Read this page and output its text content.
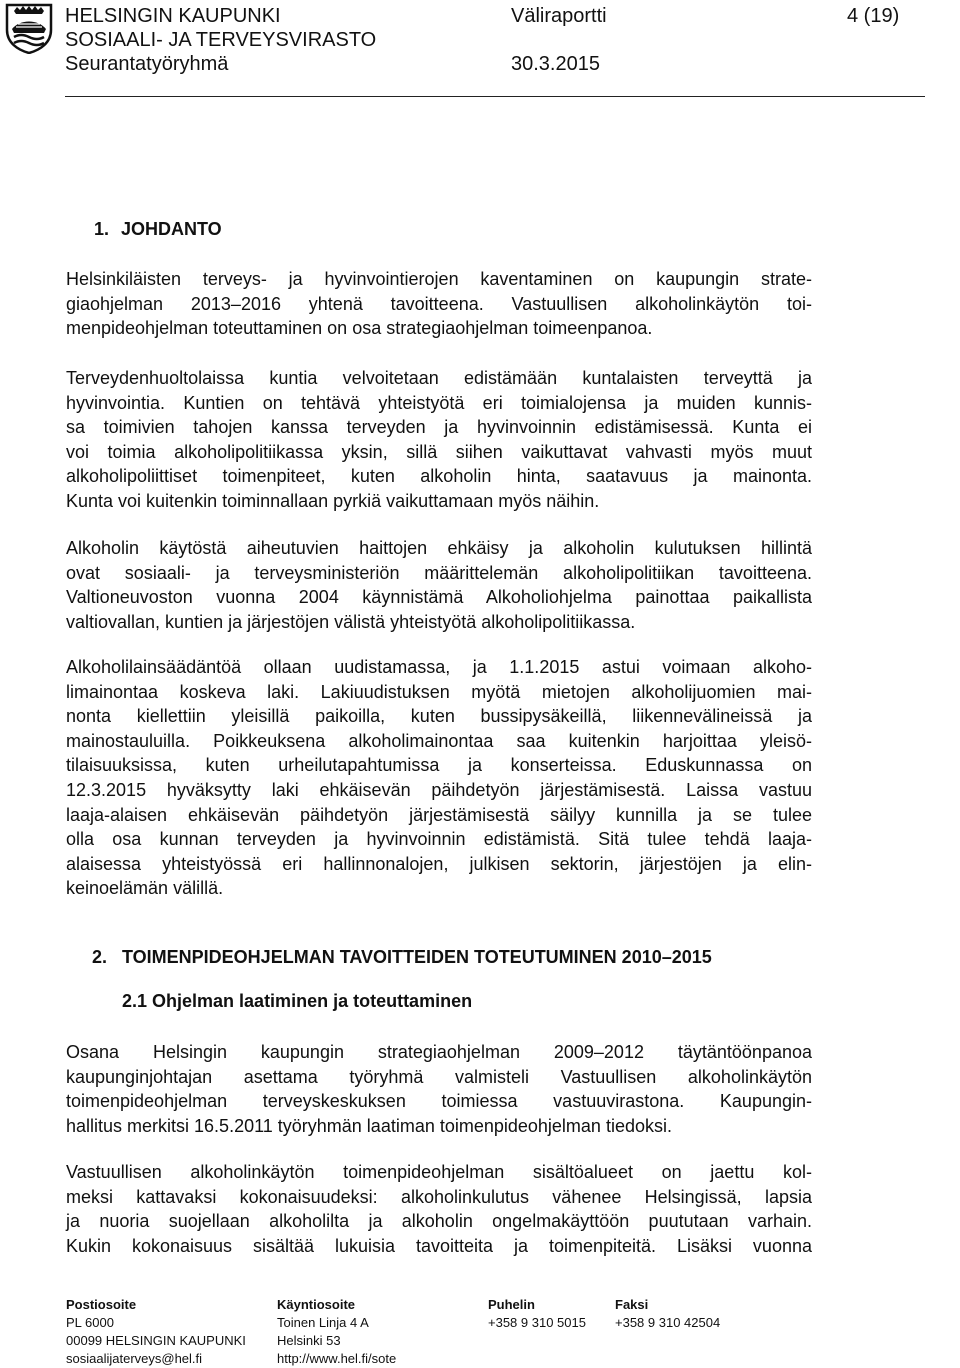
HELSINGIN KAUPUNKI
SOSIAALI- JA TERVEYSVIRASTO
Seurantatyöryhmä
Väliraportti
30.3.2015
4 (19)
1. JOHDANTO
Helsinkiläisten terveys- ja hyvinvointierojen kaventaminen on kaupungin strate-
giaohjelman 2013–2016 yhtenä tavoitteena. Vastuullisen alkoholinkäytön toi-
menpideohjelman toteuttaminen on osa strategiaohjelman toimeenpanoa.
Terveydenhuoltolaissa kuntia velvoitetaan edistämään kuntalaisten terveyttä ja
hyvinvointia. Kuntien on tehtävä yhteistyötä eri toimialojensa ja muiden kunnis-
sa toimivien tahojen kanssa terveyden ja hyvinvoinnin edistämisessä. Kunta ei
voi toimia alkoholipolitiikassa yksin, sillä siihen vaikuttavat vahvasti myös muut
alkoholipoliittiset toimenpiteet, kuten alkoholin hinta, saatavuus ja mainonta.
Kunta voi kuitenkin toiminnallaan pyrkiä vaikuttamaan myös näihin.
Alkoholin käytöstä aiheutuvien haittojen ehkäisy ja alkoholin kulutuksen hillintä
ovat sosiaali- ja terveysministeriön määrittelemän alkoholipolitiikan tavoitteena.
Valtioneuvoston vuonna 2004 käynnistämä Alkoholiohjelma painottaa paikallista
valtiovallan, kuntien ja järjestöjen välistä yhteistyötä alkoholipolitiikassa.
Alkoholilainsäädäntöä ollaan uudistamassa, ja 1.1.2015 astui voimaan alkoho-
limainontaa koskeva laki. Lakiuudistuksen myötä mietojen alkoholijuomien mai-
nonta kiellettiin yleisillä paikoilla, kuten bussipysäkeillä, liikennevälineissä ja
mainostauluilla. Poikkeuksena alkoholimainontaa saa kuitenkin harjoittaa yleisö-
tilaisuuksissa, kuten urheilutapahtumissa ja konserteissa. Eduskunnassa on
12.3.2015 hyväksytty laki ehkäisevän päihdetyön järjestämisestä. Laissa vastuu
laaja-alaisen ehkäisevän päihdetyön järjestämisestä säilyy kunnilla ja se tulee
olla osa kunnan terveyden ja hyvinvoinnin edistämistä. Sitä tulee tehdä laaja-
alaisessa yhteistyössä eri hallinnonalojen, julkisen sektorin, järjestöjen ja elin-
keinoelämän välillä.
2. TOIMENPIDEOHJELMAN TAVOITTEIDEN TOTEUTUMINEN 2010–2015
2.1 Ohjelman laatiminen ja toteuttaminen
Osana Helsingin kaupungin strategiaohjelman 2009–2012 täytäntöönpanoa
kaupunginjohtajan asettama työryhmä valmisteli Vastuullisen alkoholinkäytön
toimenpideohjelman terveyskeskuksen toimiessa vastuuvirastona. Kaupungin-
hallitus merkitsi 16.5.2011 työryhmän laatiman toimenpideohjelman tiedoksi.
Vastuullisen alkoholinkäytön toimenpideohjelman sisältöalueet on jaettu kol-
meksi kattavaksi kokonaisuudeksi: alkoholinkulutus vähenee Helsingissä, lapsia
ja nuoria suojellaan alkoholilta ja alkoholin ongelmakäyttöön puututaan varhain.
Kukin kokonaisuus sisältää lukuisia tavoitteita ja toimenpiteitä. Lisäksi vuonna
Postiosoite
PL 6000
00099 HELSINGIN KAUPUNKI
sosiaalijaterveys@hel.fi
Käyntiosoite
Toinen Linja 4 A
Helsinki 53
http://www.hel.fi/sote
Puhelin
+358 9 310 5015
Faksi
+358 9 310 42504
